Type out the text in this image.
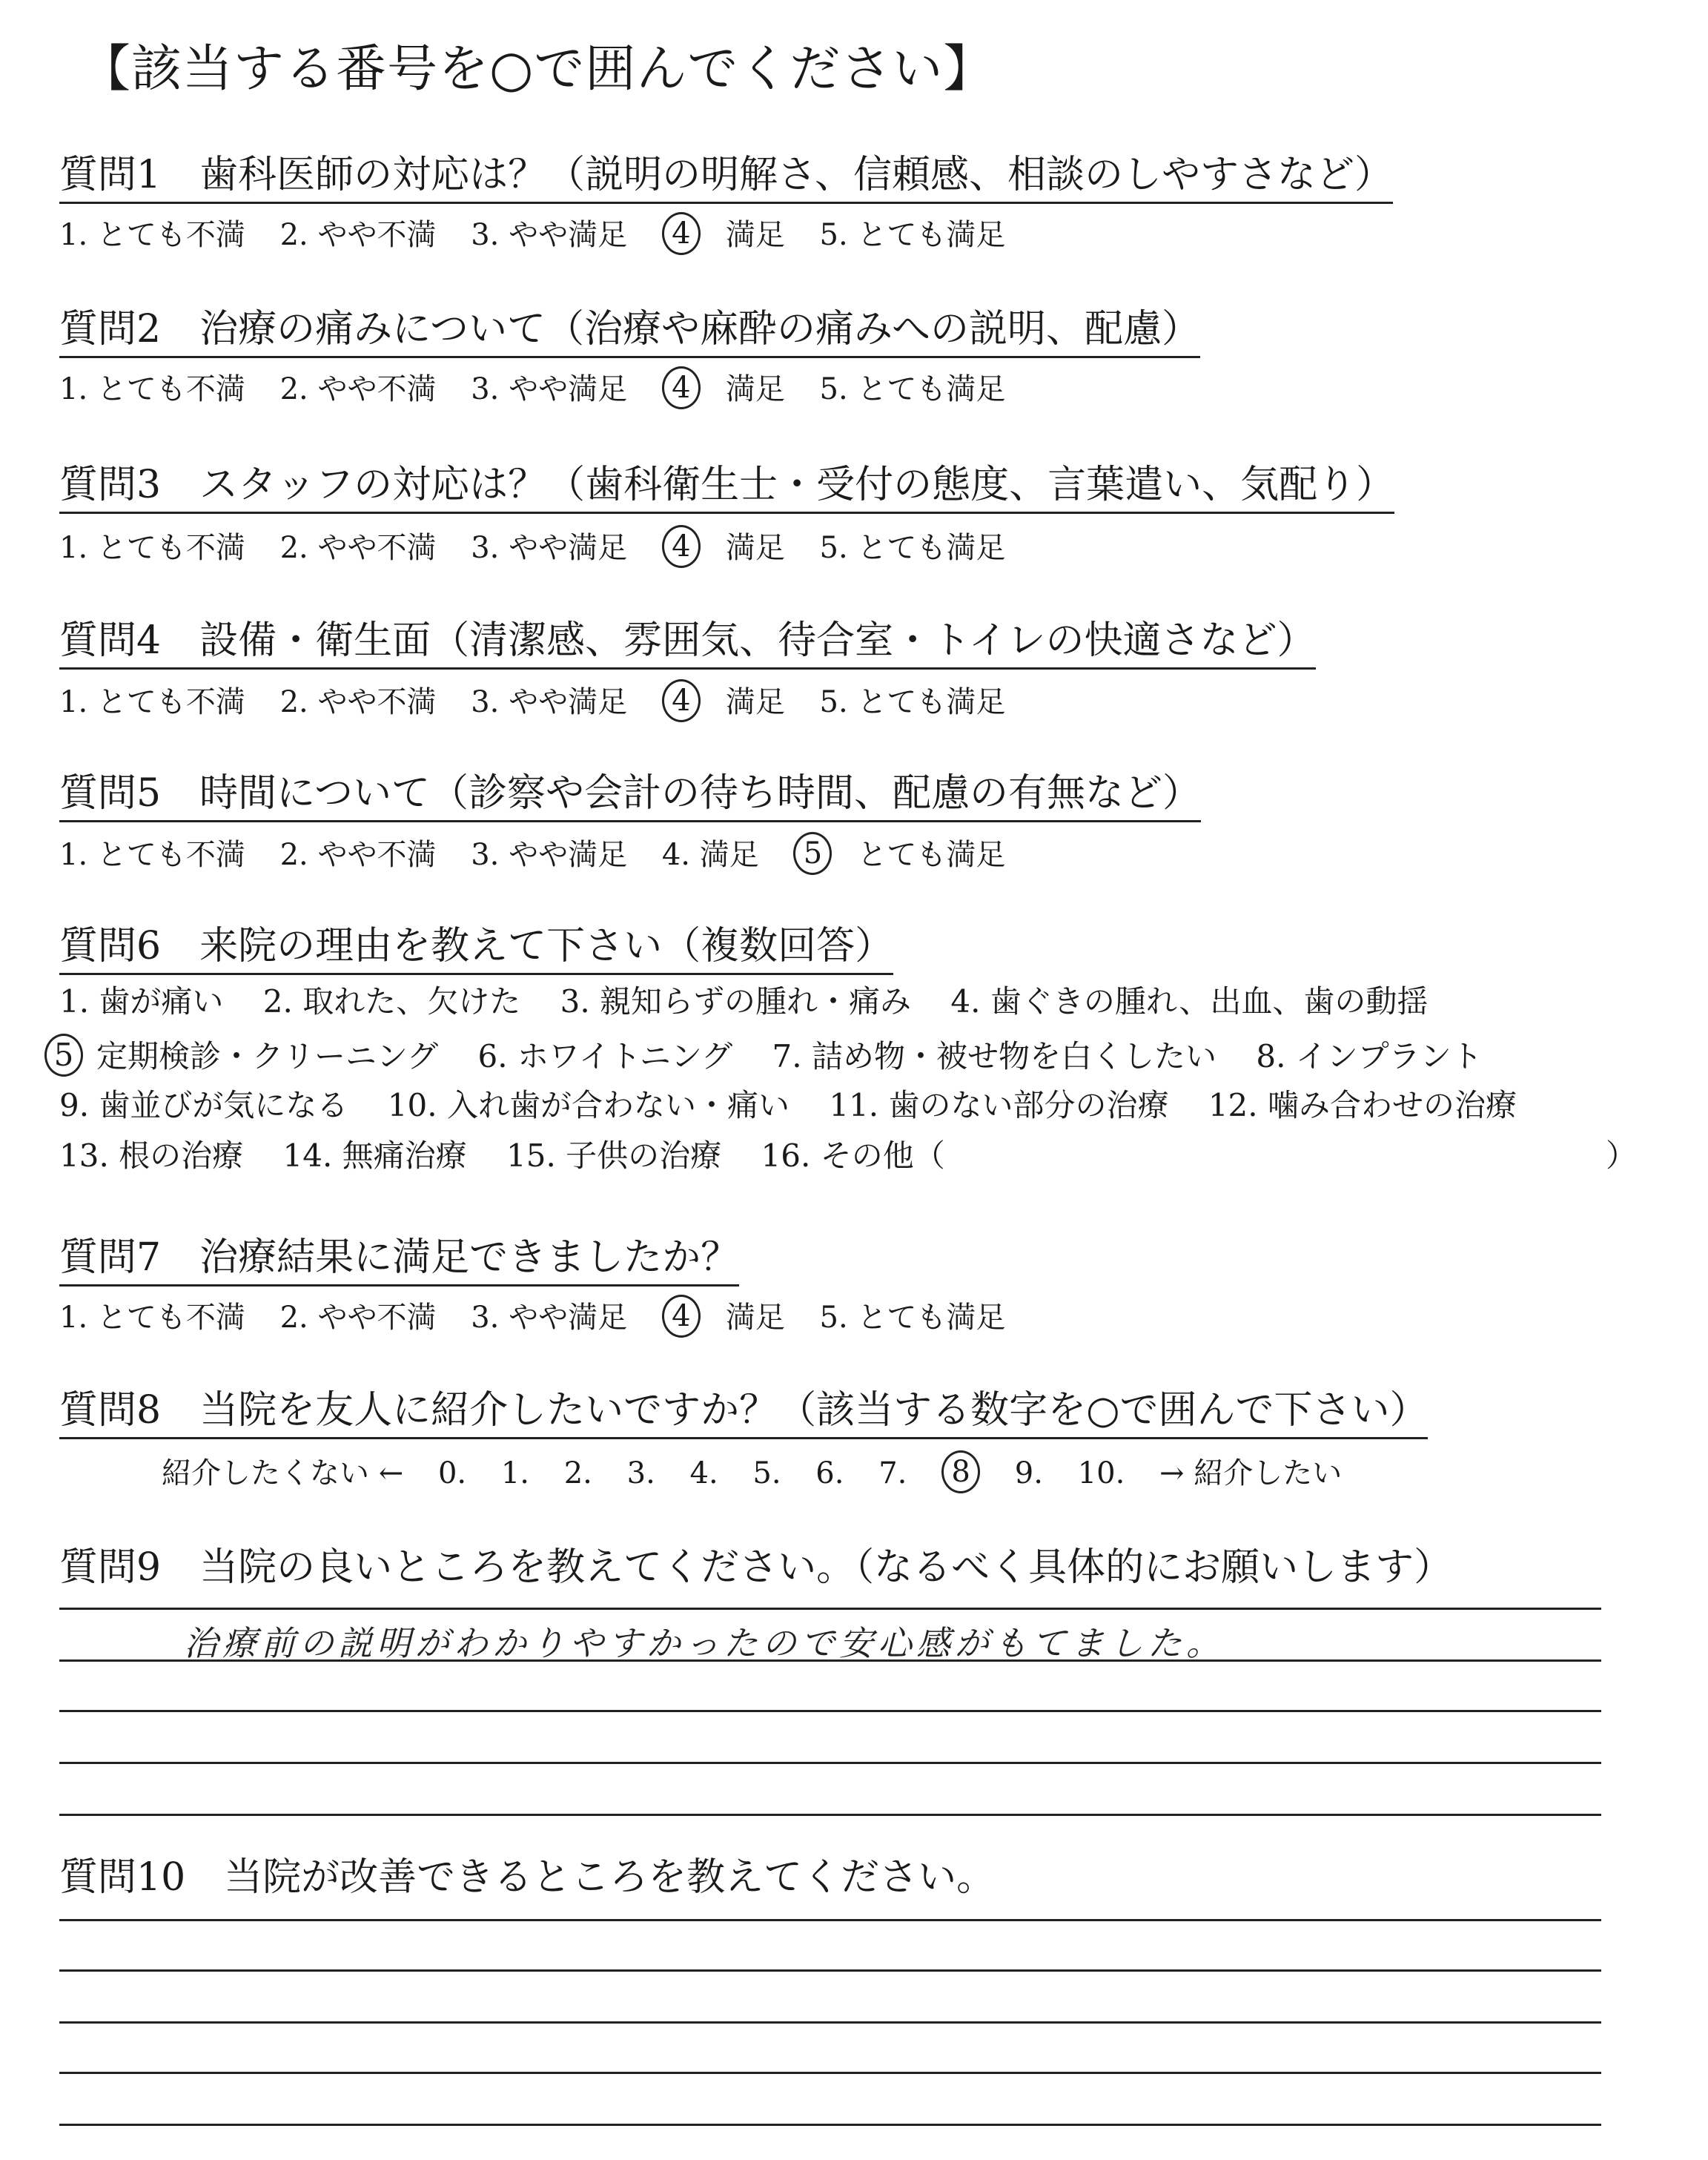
【該当する番号を○で囲んでください】
質問1　歯科医師の対応は？（説明の明解さ、信頼感、相談のしやすさなど）
1. とても不満 2. やや不満 3. やや満足 4 満足 5. とても満足
質問2　治療の痛みについて（治療や麻酔の痛みへの説明、配慮）
1. とても不満 2. やや不満 3. やや満足 4 満足 5. とても満足
質問3　スタッフの対応は？（歯科衛生士・受付の態度、言葉遣い、気配り）
1. とても不満 2. やや不満 3. やや満足 4 満足 5. とても満足
質問4　設備・衛生面（清潔感、雰囲気、待合室・トイレの快適さなど）
1. とても不満 2. やや不満 3. やや満足 4 満足 5. とても満足
質問5　時間について（診察や会計の待ち時間、配慮の有無など）
1. とても不満 2. やや不満 3. やや満足 4. 満足 5 とても満足
質問6　来院の理由を教えて下さい（複数回答）
1. 歯が痛い 2. 取れた、欠けた 3. 親知らずの腫れ・痛み 4. 歯ぐきの腫れ、出血、歯の動揺
5 定期検診・クリーニング 6. ホワイトニング 7. 詰め物・被せ物を白くしたい 8. インプラント
9. 歯並びが気になる 10. 入れ歯が合わない・痛い 11. 歯のない部分の治療 12. 噛み合わせの治療
13. 根の治療 14. 無痛治療 15. 子供の治療 16. その他（	）
質問7　治療結果に満足できましたか？
1. とても不満 2. やや不満 3. やや満足 4 満足 5. とても満足
質問8　当院を友人に紹介したいですか？（該当する数字を○で囲んで下さい）
紹介したくない ← 0. 1. 2. 3. 4. 5. 6. 7. 8 9. 10. → 紹介したい
質問9　当院の良いところを教えてください。（なるべく具体的にお願いします）
治療前の説明がわかりやすかったので安心感がもてました。
質問10　当院が改善できるところを教えてください。
